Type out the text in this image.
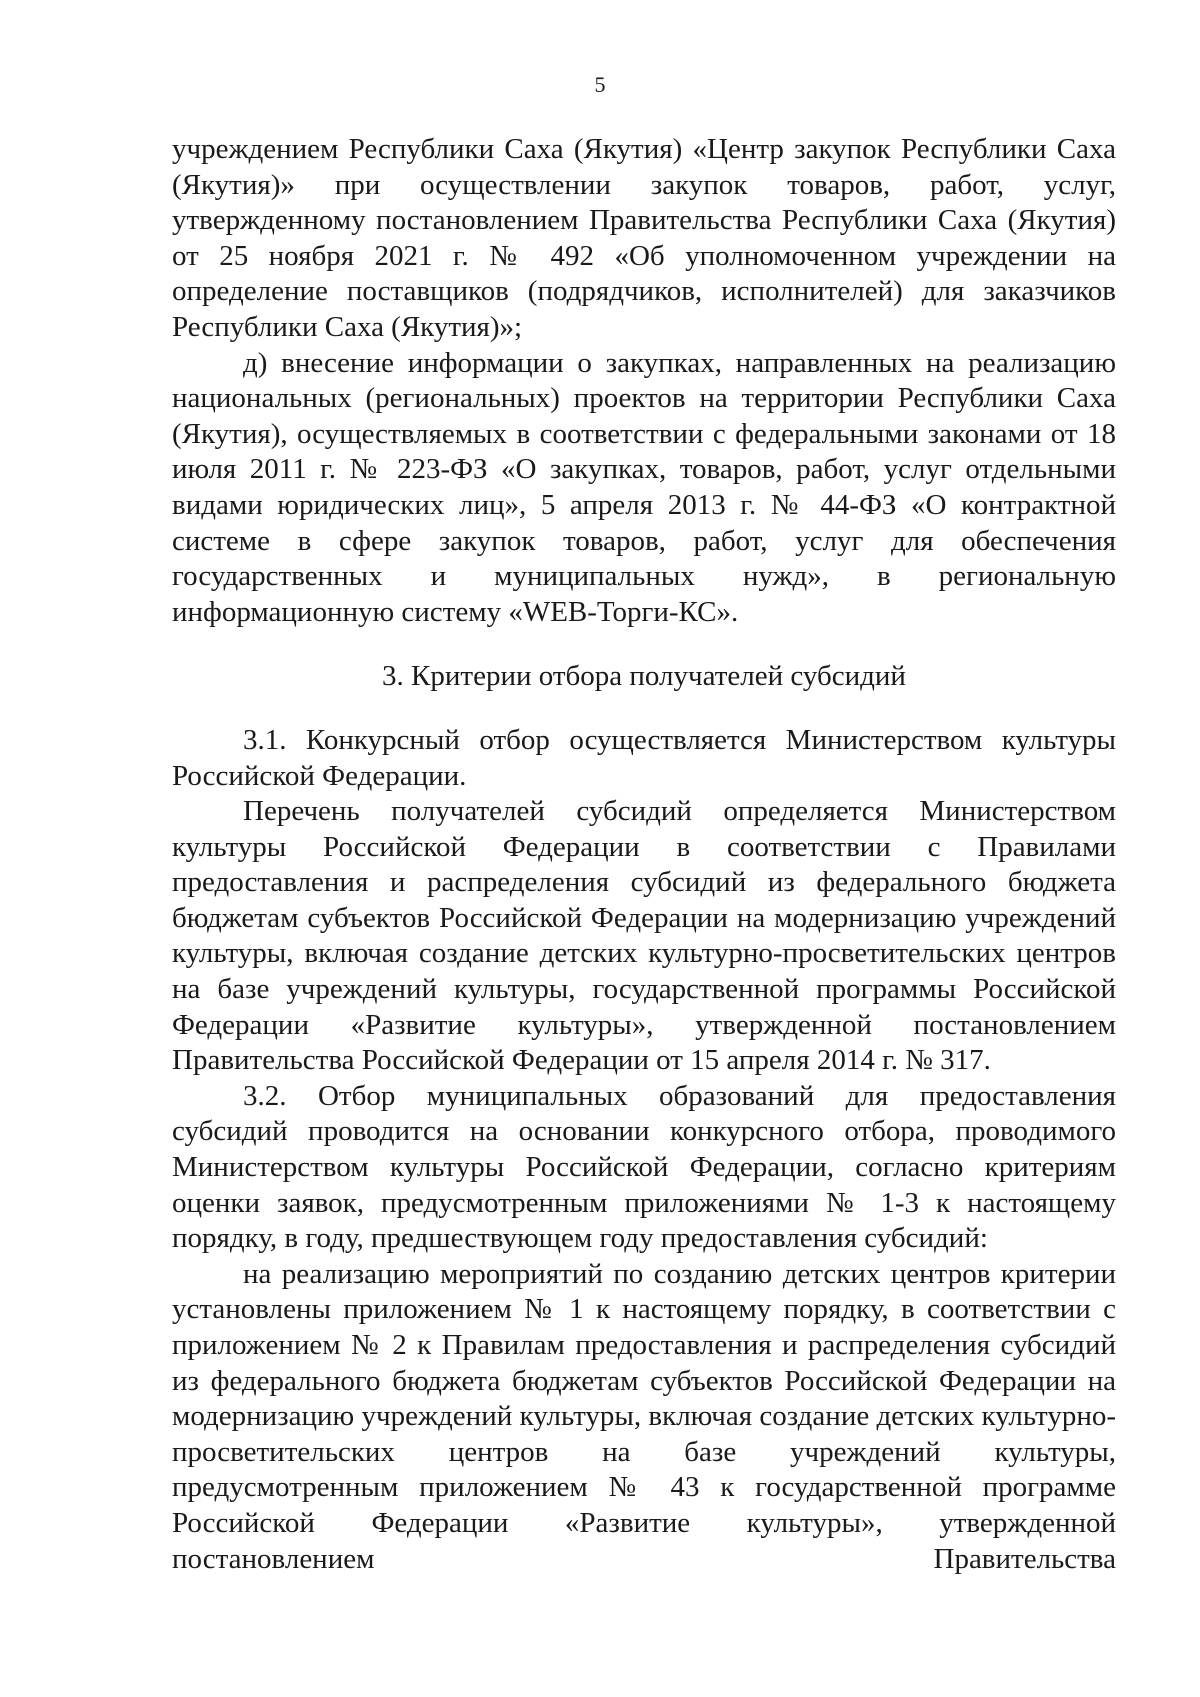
5

учреждением Республики Саха (Якутия) «Центр закупок Республики Саха (Якутия)» при осуществлении закупок товаров, работ, услуг, утвержденному постановлением Правительства Республики Саха (Якутия) от 25 ноября 2021 г. № 492 «Об уполномоченном учреждении на определение поставщиков (подрядчиков, исполнителей) для заказчиков Республики Саха (Якутия)»;

д) внесение информации о закупках, направленных на реализацию национальных (региональных) проектов на территории Республики Саха (Якутия), осуществляемых в соответствии с федеральными законами от 18 июля 2011 г. № 223-ФЗ «О закупках, товаров, работ, услуг отдельными видами юридических лиц», 5 апреля 2013 г. № 44-ФЗ «О контрактной системе в сфере закупок товаров, работ, услуг для обеспечения государственных и муниципальных нужд», в региональную информационную систему «WEB-Торги-КС».

3. Критерии отбора получателей субсидий

3.1. Конкурсный отбор осуществляется Министерством культуры Российской Федерации.

Перечень получателей субсидий определяется Министерством культуры Российской Федерации в соответствии с Правилами предоставления и распределения субсидий из федерального бюджета бюджетам субъектов Российской Федерации на модернизацию учреждений культуры, включая создание детских культурно-просветительских центров на базе учреждений культуры, государственной программы Российской Федерации «Развитие культуры», утвержденной постановлением Правительства Российской Федерации от 15 апреля 2014 г. № 317.

3.2. Отбор муниципальных образований для предоставления субсидий проводится на основании конкурсного отбора, проводимого Министерством культуры Российской Федерации, согласно критериям оценки заявок, предусмотренным приложениями № 1-3 к настоящему порядку, в году, предшествующем году предоставления субсидий:

на реализацию мероприятий по созданию детских центров критерии установлены приложением № 1 к настоящему порядку, в соответствии с приложением № 2 к Правилам предоставления и распределения субсидий из федерального бюджета бюджетам субъектов Российской Федерации на модернизацию учреждений культуры, включая создание детских культурно-просветительских центров на базе учреждений культуры, предусмотренным приложением № 43 к государственной программе Российской Федерации «Развитие культуры», утвержденной постановлением Правительства
